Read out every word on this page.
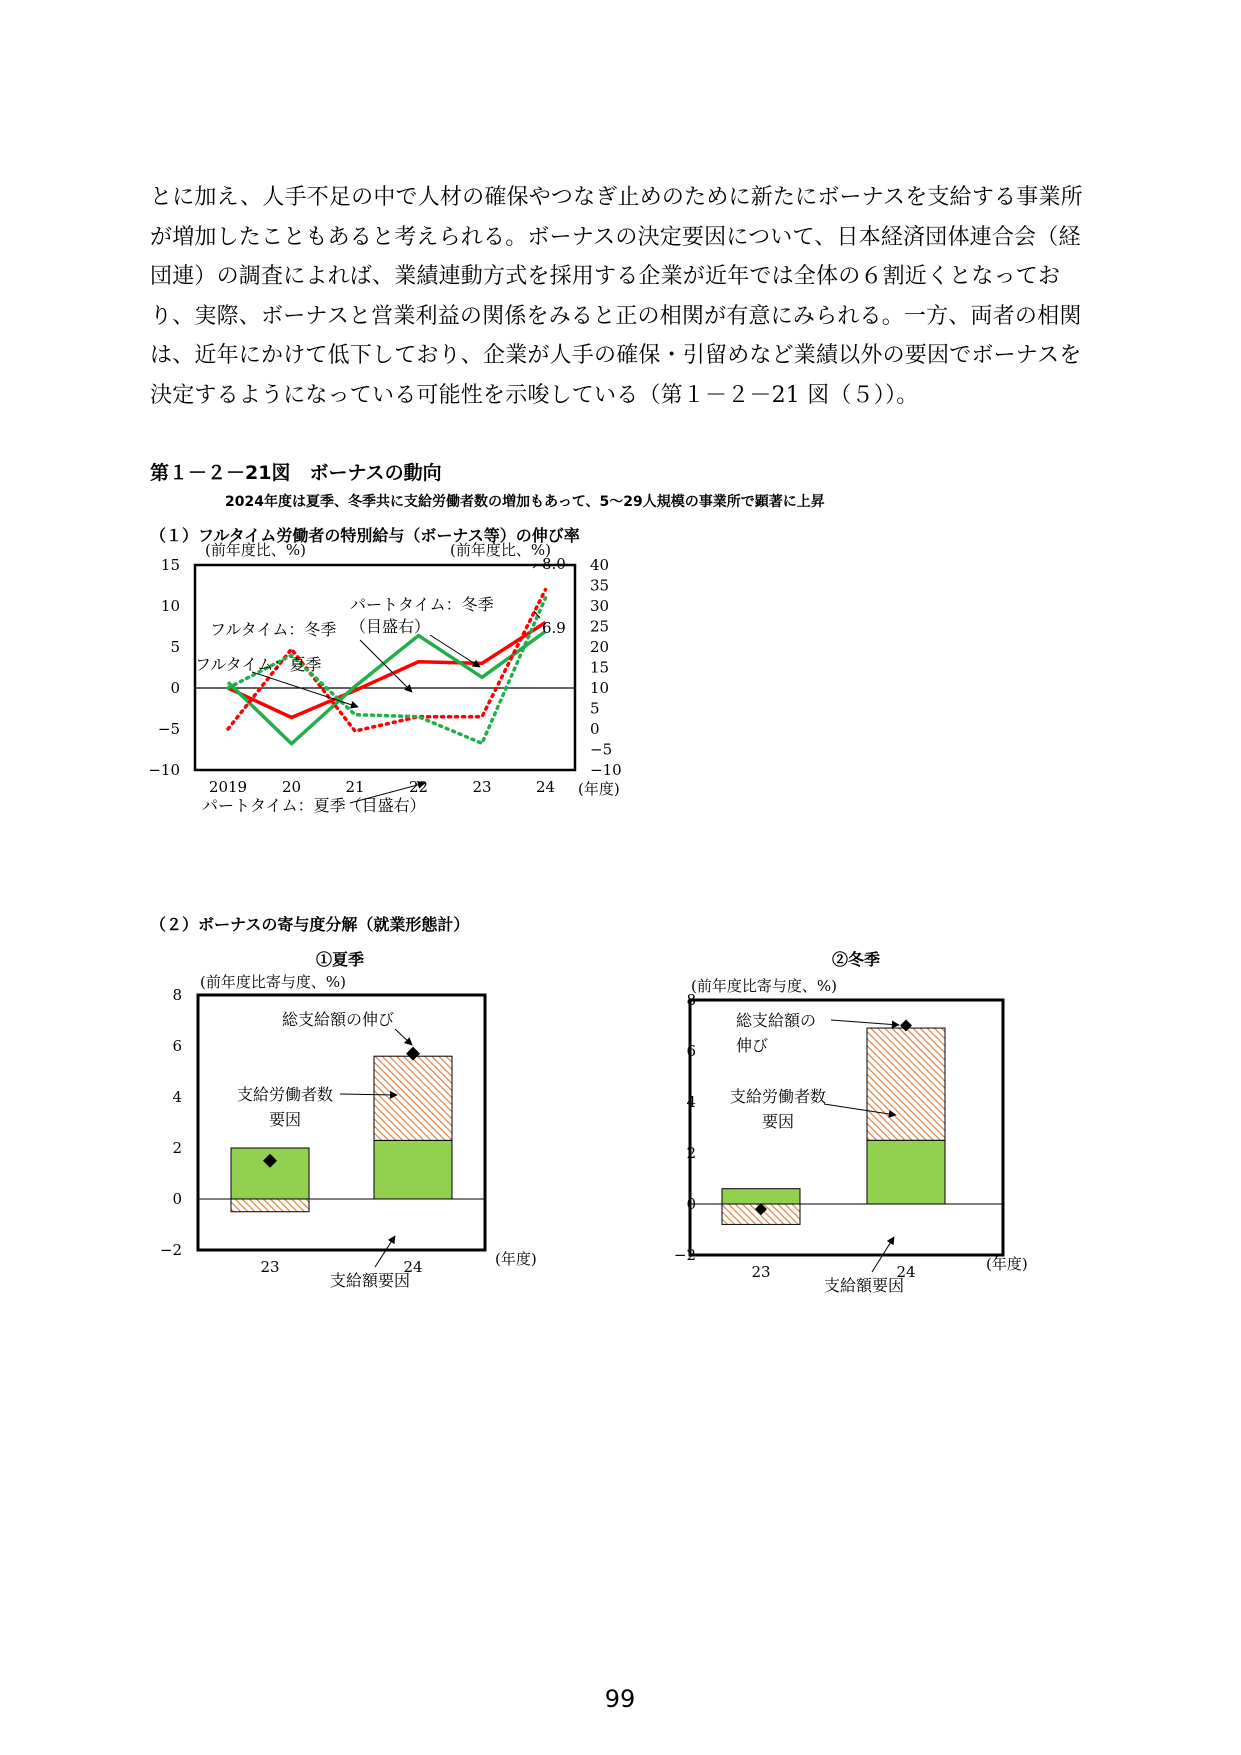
とに加え、人手不足の中で人材の確保やつなぎ止めのために新たにボーナスを支給する事業所が増加したこともあると考えられる。ボーナスの決定要因について、日本経済団体連合会（経団連）の調査によれば、業績連動方式を採用する企業が近年では全体の６割近くとなっており、実際、ボーナスと営業利益の関係をみると正の相関が有意にみられる。一方、両者の相関は、近年にかけて低下しており、企業が人手の確保・引留めなど業績以外の要因でボーナスを決定するようになっている可能性を示唆している（第１－２－21 図（５））。

第１－２－21図　ボーナスの動向

2024年度は夏季、冬季共に支給労働者数の増加もあって、5～29人規模の事業所で顕著に上昇

（１）フルタイム労働者の特別給与（ボーナス等）の伸び率

（２）ボーナスの寄与度分解（就業形態計）

15
10
5
0
−5
−10
40
35
30
25
20
15
10
5
0
−5
−10
2019 20	21	22	23	24 (年度)
(前年度比、%)	(前年度比、%)
フルタイム：冬季
フルタイム：夏季
パートタイム：冬季（目盛右）
パートタイム：夏季（目盛右）
8.0
6.9
①夏季
(前年度比寄与度、%)
8
6
4
2
0
−2
23	24	(年度)
総支給額の伸び
支給労働者数要因
支給額要因
②冬季
(前年度比寄与度、%)
8
6
4
2
0
−2
23	24	(年度)
総支給額の伸び
支給労働者数要因
支給額要因

99
